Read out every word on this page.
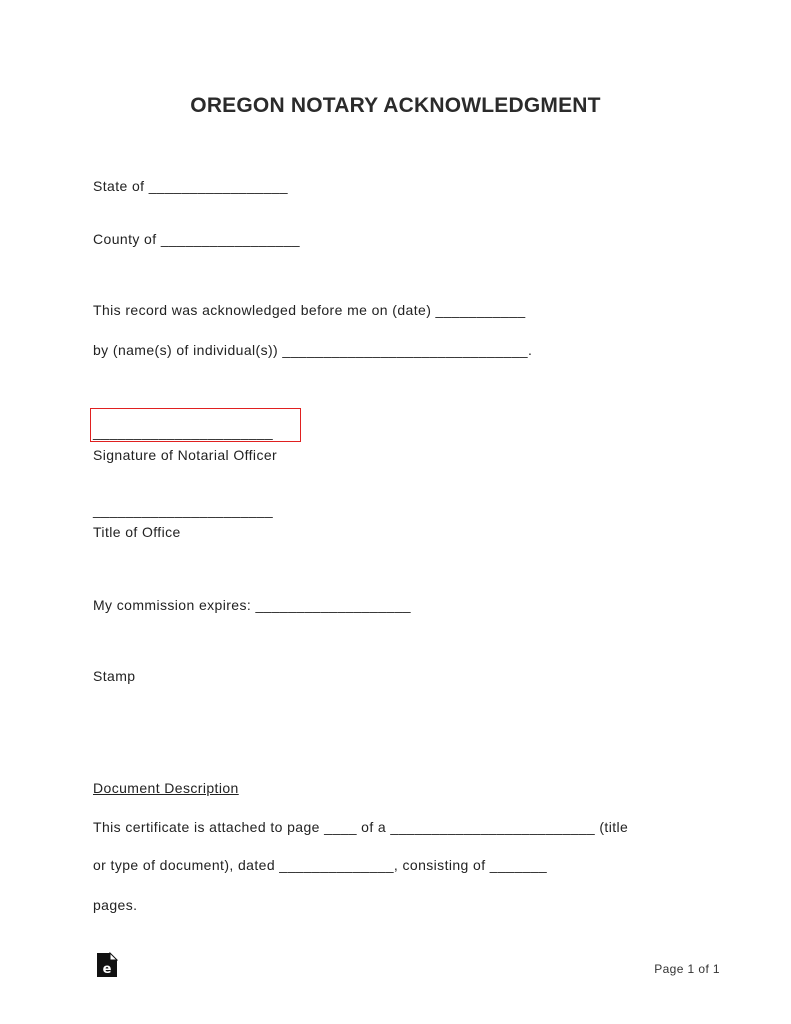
OREGON NOTARY ACKNOWLEDGMENT
State of _________________
County of _________________
This record was acknowledged before me on (date) ___________
by (name(s) of individual(s)) ______________________________.
______________________
Signature of Notarial Officer
______________________
Title of Office
My commission expires: ___________________
Stamp
Document Description
This certificate is attached to page ____ of a _________________________ (title
or type of document), dated ______________, consisting of _______
pages.
e	Page 1 of 1
